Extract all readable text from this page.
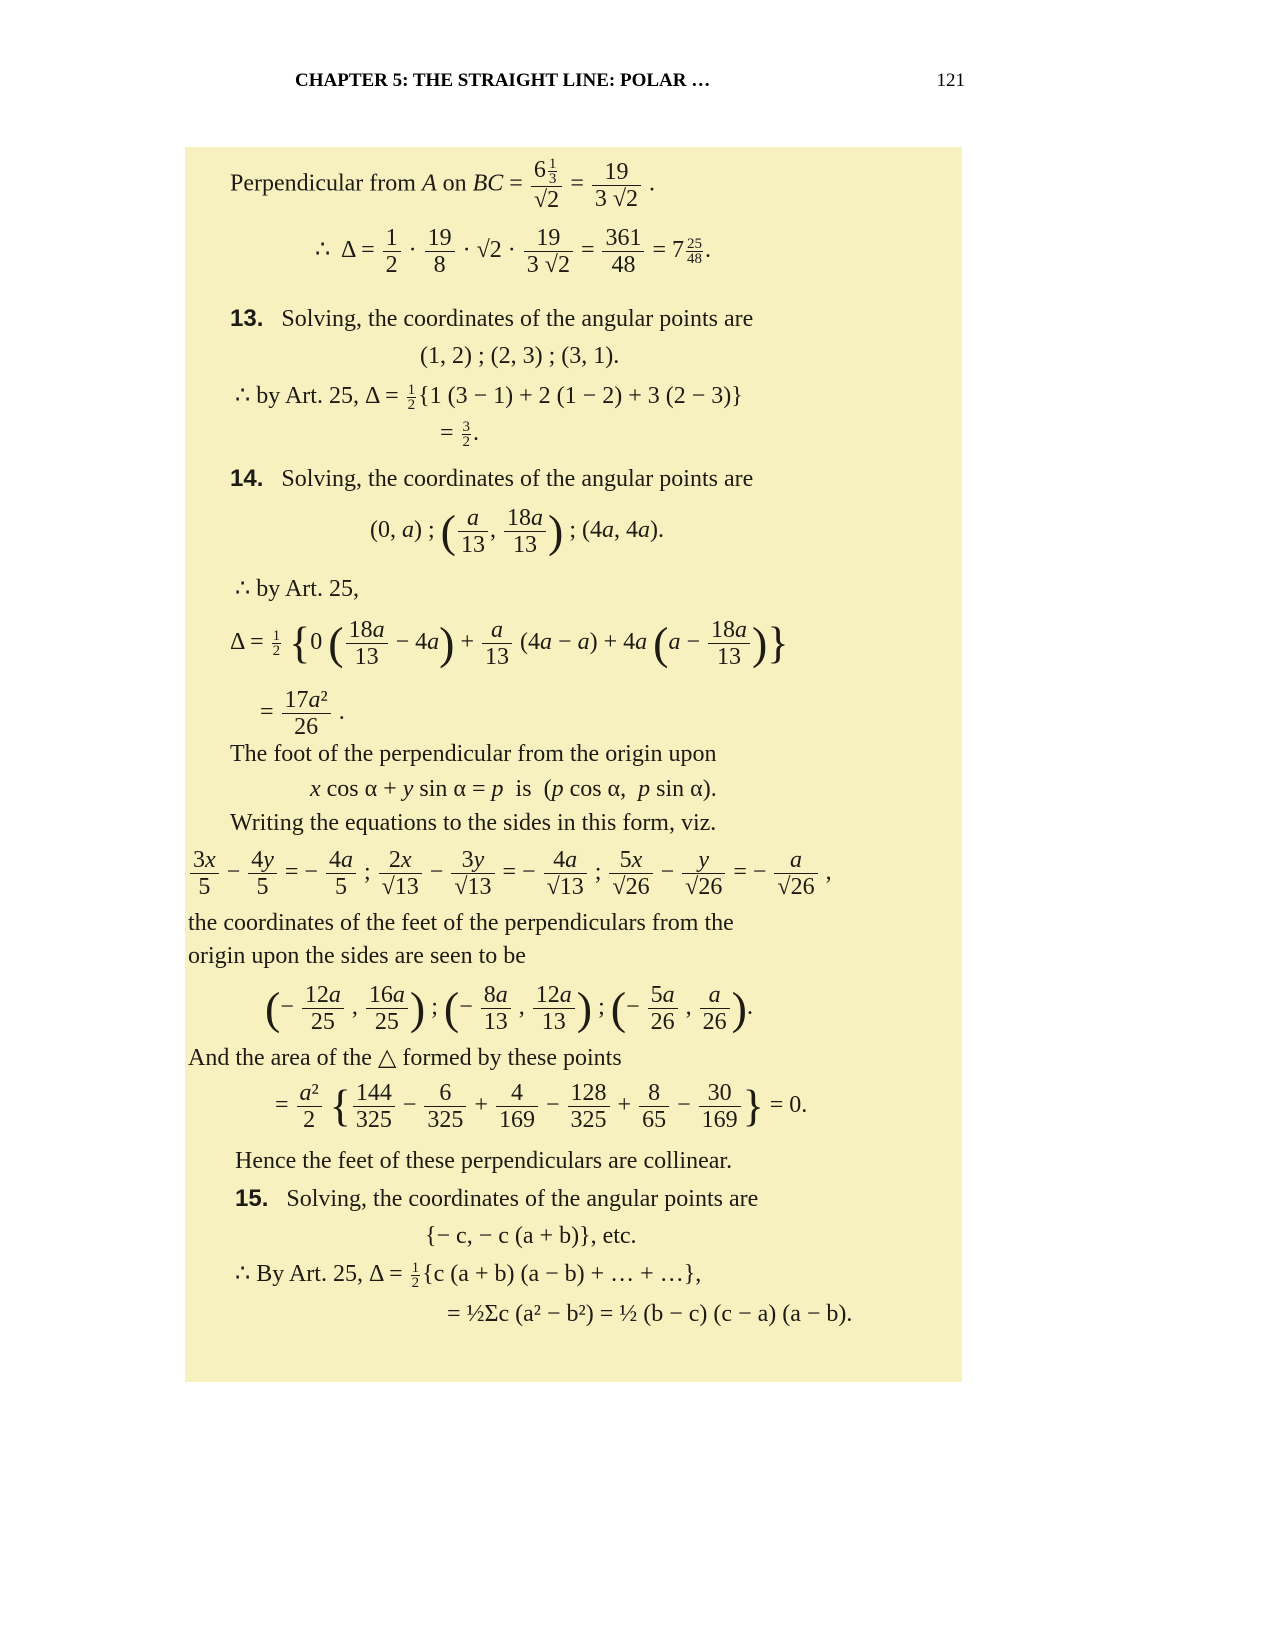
CHAPTER 5: THE STRAIGHT LINE: POLAR …	121
Perpendicular from A on BC = $\frac{6 \frac{1}{3}}{√2} = \frac{19}{3 √2}$ .
∴  $\Delta = \frac{1}{2} \cdot \frac{19}{8} \cdot √2 \cdot \frac{19}{3 √2} = \frac{361}{48} = 7 \frac{25}{48}$ .
13. Solving, the coordinates of the angular points are
(1, 2) ; (2, 3) ; (3, 1).
∴ by Art. 25, $\Delta = \frac{1}{2} \{1$ (3 − 1) + 2 (1 − 2) + 3 (2 − 3)}
= $\frac{3}{2}$ .
14. Solving, the coordinates of the angular points are
(0, a) ; ( $\frac{a}{13}$ , $\frac{18a}{13}$ ) ; (4a, 4a).
∴ by Art. 25,
$\Delta = \frac{1}{2} \{0$ ( $\frac{18a}{13} - 4a) + \frac{a}{13} (4a - a) + 4a$ ($a - \frac{18a}{13}$ )}
= $\frac{\text{17a²}}{26}$ .
The foot of the perpendicular from the origin upon
x cos α + y sin α = p is  (p cos α,  p sin α).
Writing the equations to the sides in this form, viz.
$\frac{3x}{5} - \frac{4y}{5}$ = − $\frac{4a}{5}$ ; $\frac{2x}{√13} - \frac{3y}{√13}$ = − $\frac{4a}{√13}$ ; $\frac{5x}{√26} - \frac{y}{√26}$ = − $\frac{a}{√26}$ ,
the coordinates of the feet of the perpendiculars from the
origin upon the sides are seen to be
(− $\frac{12a}{25}$ , $\frac{16a}{25}$ ) ; (− $\frac{8a}{13}$ , $\frac{12a}{13}$ ) ; (− $\frac{5a}{26}$ , $\frac{a}{26}$ ).
And the area of the △ formed by these points
= $\frac{\text{a²}}{2}$ { $\frac{144}{325} - \frac{6}{325} + \frac{4}{169} - \frac{128}{325} + \frac{8}{65} - \frac{30}{169}$ } = 0.
Hence the feet of these perpendiculars are collinear.
15. Solving, the coordinates of the angular points are
{− c, − c (a + b)}, etc.
∴ By Art. 25, $\Delta = \frac{1}{2} \{c$ (a + b) (a − b) + … + …},
= ½Σc (a² − b²) = ½ (b − c) (c − a) (a − b).
